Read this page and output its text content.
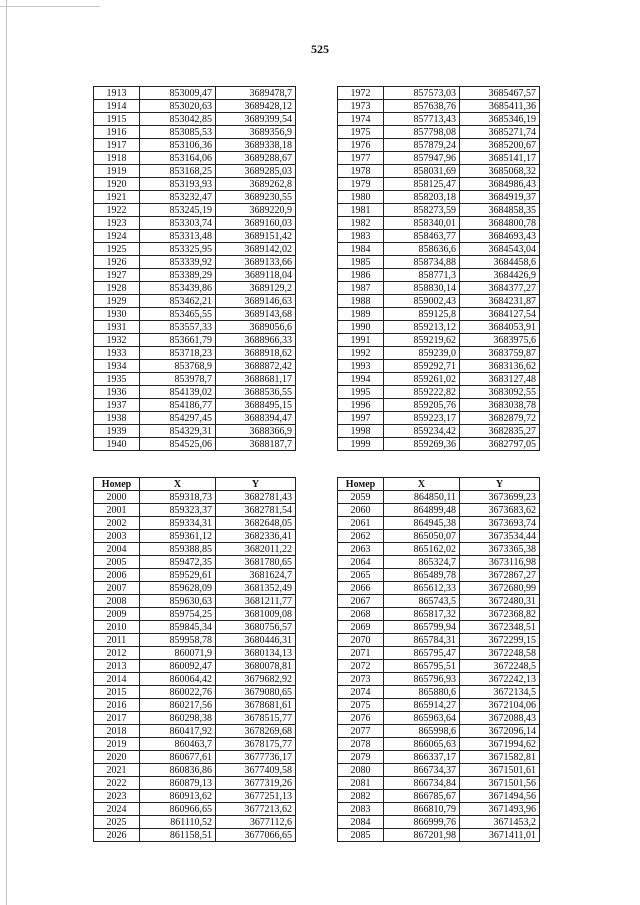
525
1913	853009,47	3689478,7
1914	853020,63	3689428,12
1915	853042,85	3689399,54
1916	853085,53	3689356,9
1917	853106,36	3689338,18
1918	853164,06	3689288,67
1919	853168,25	3689285,03
1920	853193,93	3689262,8
1921	853232,47	3689230,55
1922	853245,19	3689220,9
1923	853303,74	3689160,03
1924	853313,48	3689151,42
1925	853325,95	3689142,02
1926	853339,92	3689133,66
1927	853389,29	3689118,04
1928	853439,86	3689129,2
1929	853462,21	3689146,63
1930	853465,55	3689143,68
1931	853557,33	3689056,6
1932	853661,79	3688966,33
1933	853718,23	3688918,62
1934	853768,9	3688872,42
1935	853978,7	3688681,17
1936	854139,02	3688536,55
1937	854186,77	3688495,15
1938	854297,45	3688394,47
1939	854329,31	3688366,9
1940	854525,06	3688187,7
1972	857573,03	3685467,57
1973	857638,76	3685411,36
1974	857713,43	3685346,19
1975	857798,08	3685271,74
1976	857879,24	3685200,67
1977	857947,96	3685141,17
1978	858031,69	3685068,32
1979	858125,47	3684986,43
1980	858203,18	3684919,37
1981	858273,59	3684858,35
1982	858340,01	3684800,78
1983	858463,77	3684693,43
1984	858636,6	3684543,04
1985	858734,88	3684458,6
1986	858771,3	3684426,9
1987	858830,14	3684377,27
1988	859002,43	3684231,87
1989	859125,8	3684127,54
1990	859213,12	3684053,91
1991	859219,62	3683975,6
1992	859239,0	3683759,87
1993	859292,71	3683136,62
1994	859261,02	3683127,48
1995	859222,82	3683092,55
1996	859205,76	3683038,78
1997	859223,17	3682879,72
1998	859234,42	3682835,27
1999	859269,36	3682797,05
Номер	X	Y
2000	859318,73	3682781,43
2001	859323,37	3682781,54
2002	859334,31	3682648,05
2003	859361,12	3682336,41
2004	859388,85	3682011,22
2005	859472,35	3681780,65
2006	859529,61	3681624,7
2007	859628,09	3681352,49
2008	859630,63	3681211,77
2009	859754,25	3681009,08
2010	859845,34	3680756,57
2011	859958,78	3680446,31
2012	860071,9	3680134,13
2013	860092,47	3680078,81
2014	860064,42	3679682,92
2015	860022,76	3679080,65
2016	860217,56	3678681,61
2017	860298,38	3678515,77
2018	860417,92	3678269,68
2019	860463,7	3678175,77
2020	860677,61	3677736,17
2021	860836,86	3677409,58
2022	860879,13	3677319,26
2023	860913,62	3677251,13
2024	860966,65	3677213,62
2025	861110,52	3677112,6
2026	861158,51	3677066,65
Номер	X	Y
2059	864850,11	3673699,23
2060	864899,48	3673683,62
2061	864945,38	3673693,74
2062	865050,07	3673534,44
2063	865162,02	3673365,38
2064	865324,7	3673116,98
2065	865489,78	3672867,27
2066	865612,33	3672680,99
2067	865743,5	3672480,31
2068	865817,32	3672368,82
2069	865799,94	3672348,51
2070	865784,31	3672299,15
2071	865795,47	3672248,58
2072	865795,51	3672248,5
2073	865796,93	3672242,13
2074	865880,6	3672134,5
2075	865914,27	3672104,06
2076	865963,64	3672088,43
2077	865998,6	3672096,14
2078	866065,63	3671994,62
2079	866337,17	3671582,81
2080	866734,37	3671501,61
2081	866734,84	3671501,56
2082	866785,67	3671494,56
2083	866810,79	3671493,96
2084	866999,76	3671453,2
2085	867201,98	3671411,01
